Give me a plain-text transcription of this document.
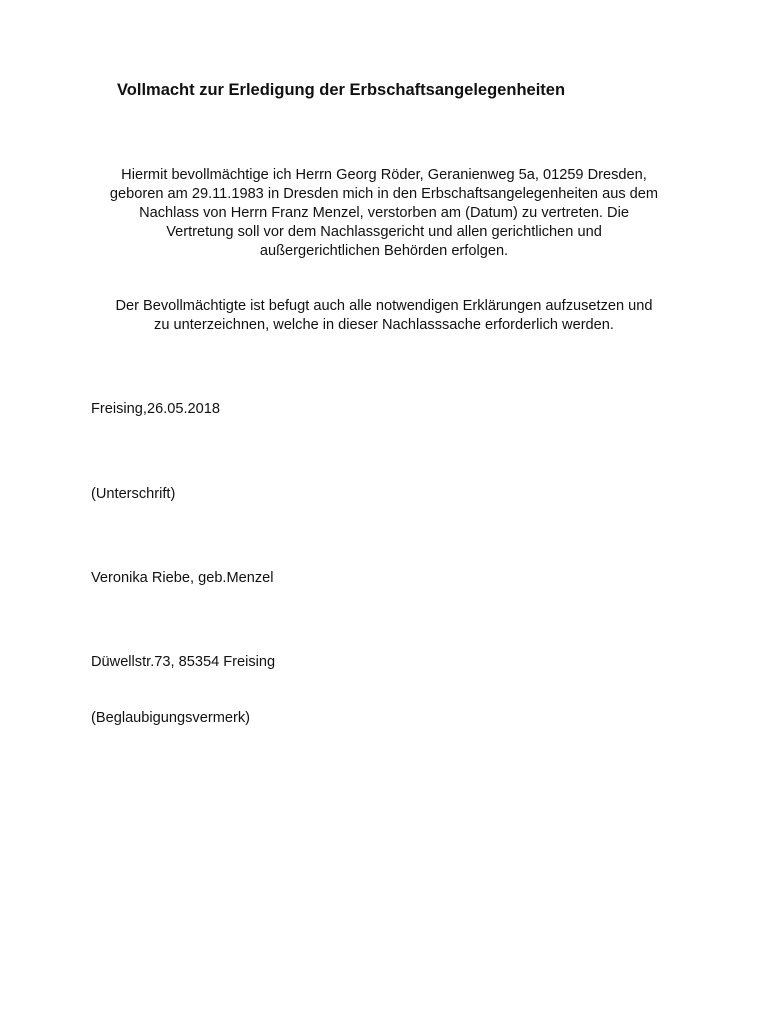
Vollmacht zur Erledigung der Erbschaftsangelegenheiten
Hiermit bevollmächtige ich Herrn Georg Röder, Geranienweg 5a, 01259 Dresden,
geboren am 29.11.1983 in Dresden mich in den Erbschaftsangelegenheiten aus dem
Nachlass von Herrn Franz Menzel, verstorben am (Datum) zu vertreten. Die
Vertretung soll vor dem Nachlassgericht und allen gerichtlichen und
außergerichtlichen Behörden erfolgen.
Der Bevollmächtigte ist befugt auch alle notwendigen Erklärungen aufzusetzen und
zu unterzeichnen, welche in dieser Nachlasssache erforderlich werden.
Freising,26.05.2018
(Unterschrift)
Veronika Riebe, geb.Menzel
Düwellstr.73, 85354 Freising
(Beglaubigungsvermerk)
